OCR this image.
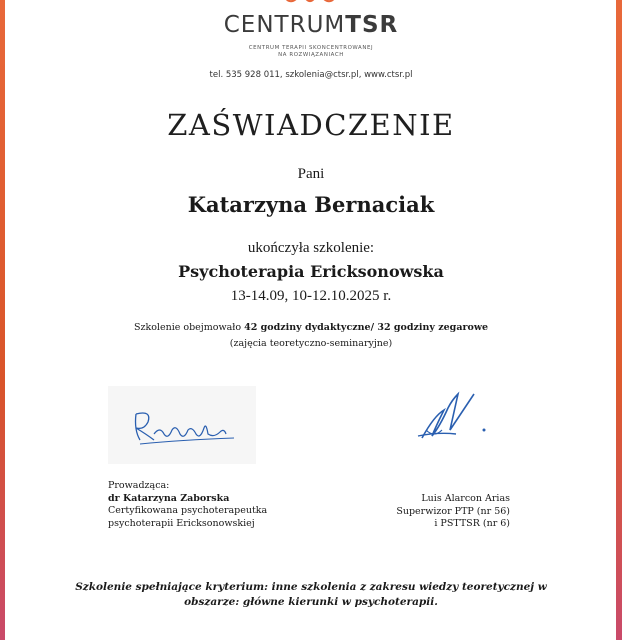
CENTRUMTSR
CENTRUM TERAPII SKONCENTROWANEJ
NA ROZWIĄZANIACH
tel. 535 928 011, szkolenia@ctsr.pl, www.ctsr.pl
ZAŚWIADCZENIE
Pani
Katarzyna Bernaciak
ukończyła szkolenie:
Psychoterapia Ericksonowska
13-14.09, 10-12.10.2025 r.
Szkolenie obejmowało 42 godziny dydaktyczne/ 32 godziny zegarowe
(zajęcia teoretyczno-seminaryjne)
Prowadząca:
dr Katarzyna Zaborska
Certyfikowana psychoterapeutka
psychoterapii Ericksonowskiej
Luis Alarcon Arias
Superwizor PTP (nr 56)
i PSTTSR (nr 6)
Szkolenie spełniające kryterium: inne szkolenia z zakresu wiedzy teoretycznej w
obszarze: główne kierunki w psychoterapii.
